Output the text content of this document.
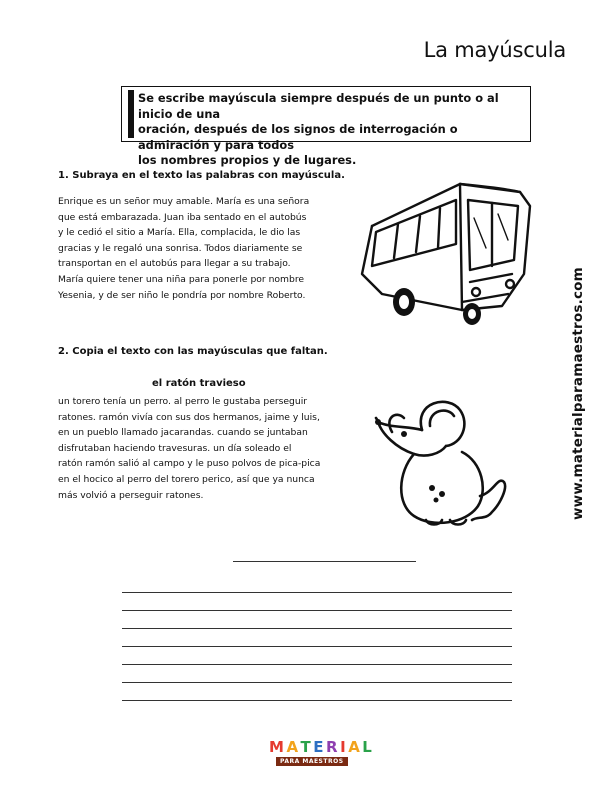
La mayúscula
Se escribe mayúscula siempre después de un punto o al inicio de una
oración, después de los signos de interrogación o admiración y para todos
los nombres propios y de lugares.
1. Subraya en el texto las palabras con mayúscula.
Enrique es un señor muy amable. María es una señora
que está embarazada. Juan iba sentado en el autobús
y le cedió el sitio a María. Ella, complacida, le dio las
gracias y le regaló una sonrisa. Todos diariamente se
transportan en el autobús para llegar a su trabajo.
María quiere tener una niña para ponerle por nombre
Yesenia, y de ser niño le pondría por nombre Roberto.
2. Copia el texto con las mayúsculas que faltan.
el ratón travieso
un torero tenía un perro. al perro le gustaba perseguir
ratones. ramón vivía con sus dos hermanos, jaime y luis,
en un pueblo llamado jacarandas. cuando se juntaban
disfrutaban haciendo travesuras. un día soleado el
ratón ramón salió al campo y le puso polvos de pica-pica
en el hocico al perro del torero perico, así que ya nunca
más volvió a perseguir ratones.	www.materialparamaestros.com
M A T E R I A L
PARA MAESTROS
